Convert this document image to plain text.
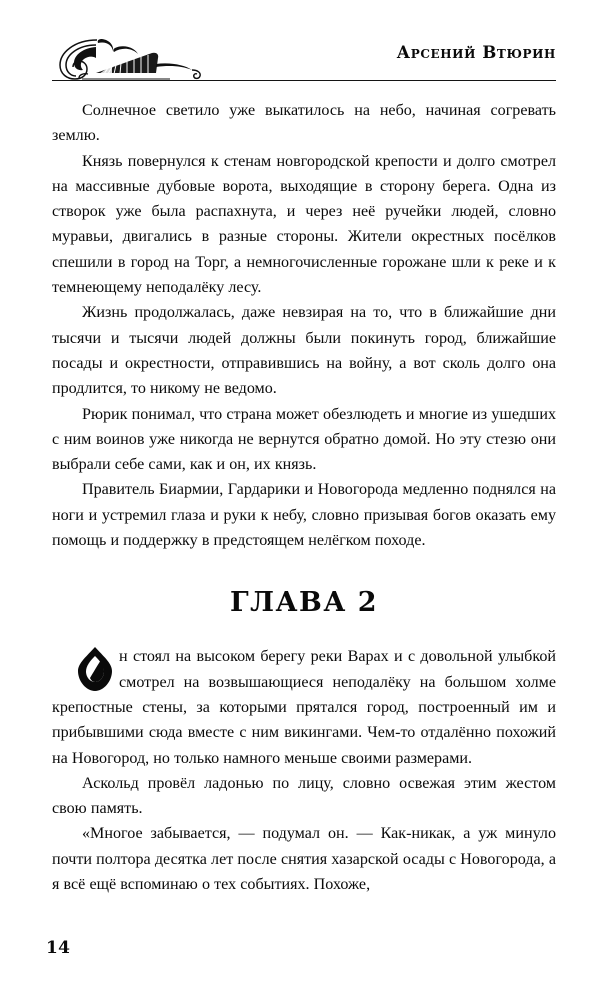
Арсений Втюрин

Солнечное светило уже выкатилось на небо, начиная согревать землю.

Князь повернулся к стенам новгородской крепости и долго смотрел на массивные дубовые ворота, выходящие в сторону берега. Одна из створок уже была распахнута, и через неё ручейки людей, словно муравьи, двигались в разные стороны. Жители окрестных посёлков спешили в город на Торг, а немногочисленные горожане шли к реке и к темнеющему неподалёку лесу.

Жизнь продолжалась, даже невзирая на то, что в ближайшие дни тысячи и тысячи людей должны были покинуть город, ближайшие посады и окрестности, отправившись на войну, а вот сколь долго она продлится, то никому не ведомо.

Рюрик понимал, что страна может обезлюдеть и многие из ушедших с ним воинов уже никогда не вернутся обратно домой. Но эту стезю они выбрали себе сами, как и он, их князь.

Правитель Биармии, Гардарики и Новогорода медленно поднялся на ноги и устремил глаза и руки к небу, словно призывая богов оказать ему помощь и поддержку в предстоящем нелёгком походе.

ГЛАВА 2

н стоял на высоком берегу реки Варах и с довольной улыбкой смотрел на возвышающиеся неподалёку на большом холме крепостные стены, за которыми прятался город, построенный им и прибывшими сюда вместе с ним викингами. Чем-то отдалённо похожий на Новогород, но только намного меньше своими размерами.

Аскольд провёл ладонью по лицу, словно освежая этим жестом свою память.

«Многое забывается, — подумал он. — Как-никак, а уж минуло почти полтора десятка лет после снятия хазарской осады с Новогорода, а я всё ещё вспоминаю о тех событиях. Похоже,

14
